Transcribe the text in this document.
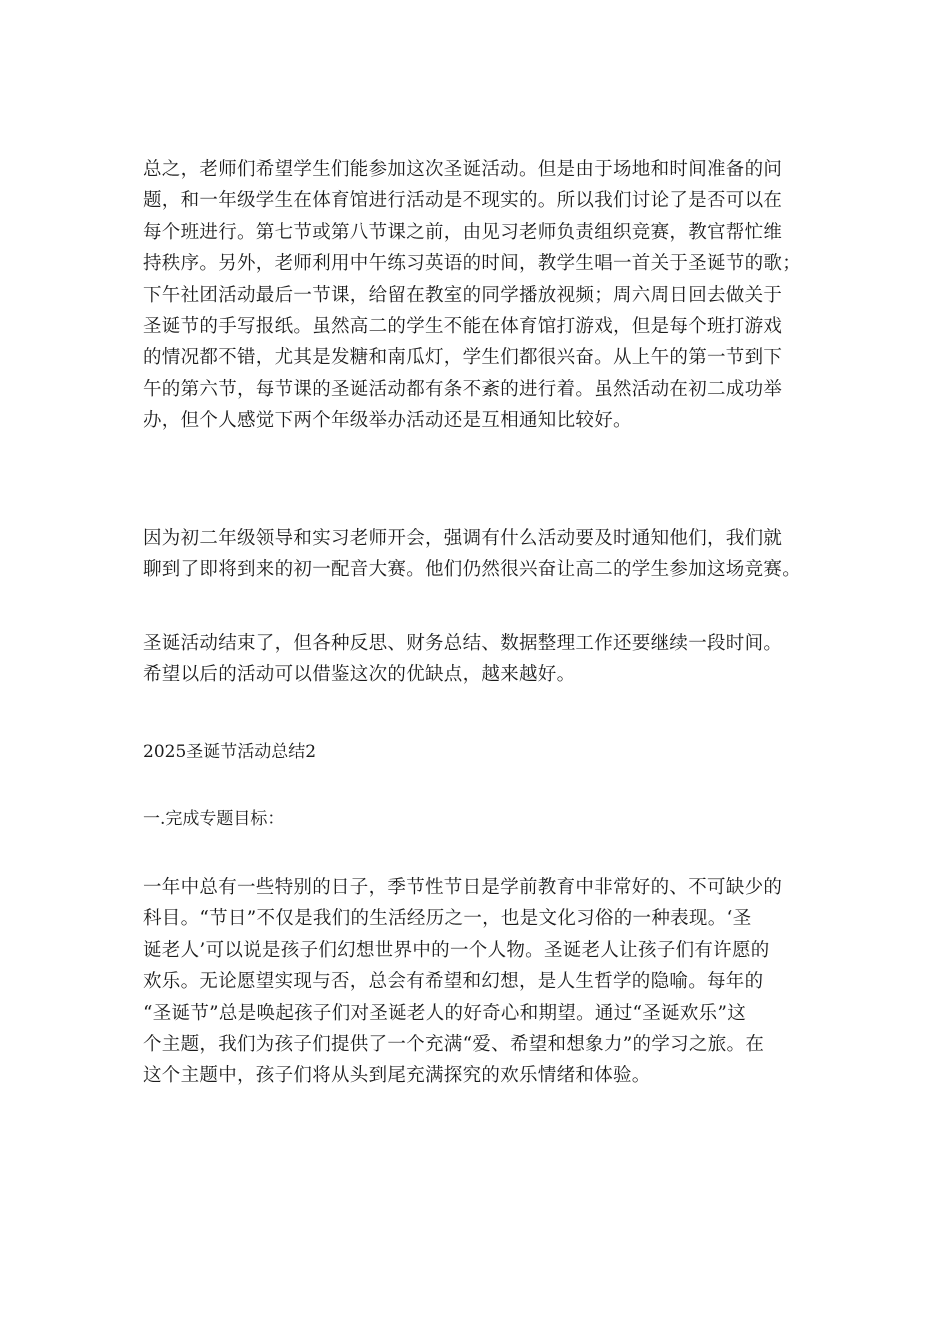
总之，老师们希望学生们能参加这次圣诞活动。但是由于场地和时间准备的问
题，和一年级学生在体育馆进行活动是不现实的。所以我们讨论了是否可以在
每个班进行。第七节或第八节课之前，由见习老师负责组织竞赛，教官帮忙维
持秩序。另外，老师利用中午练习英语的时间，教学生唱一首关于圣诞节的歌；
下午社团活动最后一节课，给留在教室的同学播放视频；周六周日回去做关于
圣诞节的手写报纸。虽然高二的学生不能在体育馆打游戏，但是每个班打游戏
的情况都不错，尤其是发糖和南瓜灯，学生们都很兴奋。从上午的第一节到下
午的第六节，每节课的圣诞活动都有条不紊的进行着。虽然活动在初二成功举
办，但个人感觉下两个年级举办活动还是互相通知比较好。

因为初二年级领导和实习老师开会，强调有什么活动要及时通知他们，我们就
聊到了即将到来的初一配音大赛。他们仍然很兴奋让高二的学生参加这场竞赛。

圣诞活动结束了，但各种反思、财务总结、数据整理工作还要继续一段时间。
希望以后的活动可以借鉴这次的优缺点，越来越好。

2025圣诞节活动总结2
一.完成专题目标：

一年中总有一些特别的日子，季节性节日是学前教育中非常好的、不可缺少的
科目。“节日”不仅是我们的生活经历之一，也是文化习俗的一种表现。‘圣
诞老人’可以说是孩子们幻想世界中的一个人物。圣诞老人让孩子们有许愿的
欢乐。无论愿望实现与否，总会有希望和幻想，是人生哲学的隐喻。每年的
“圣诞节”总是唤起孩子们对圣诞老人的好奇心和期望。通过“圣诞欢乐”这
个主题，我们为孩子们提供了一个充满“爱、希望和想象力”的学习之旅。在
这个主题中，孩子们将从头到尾充满探究的欢乐情绪和体验。
